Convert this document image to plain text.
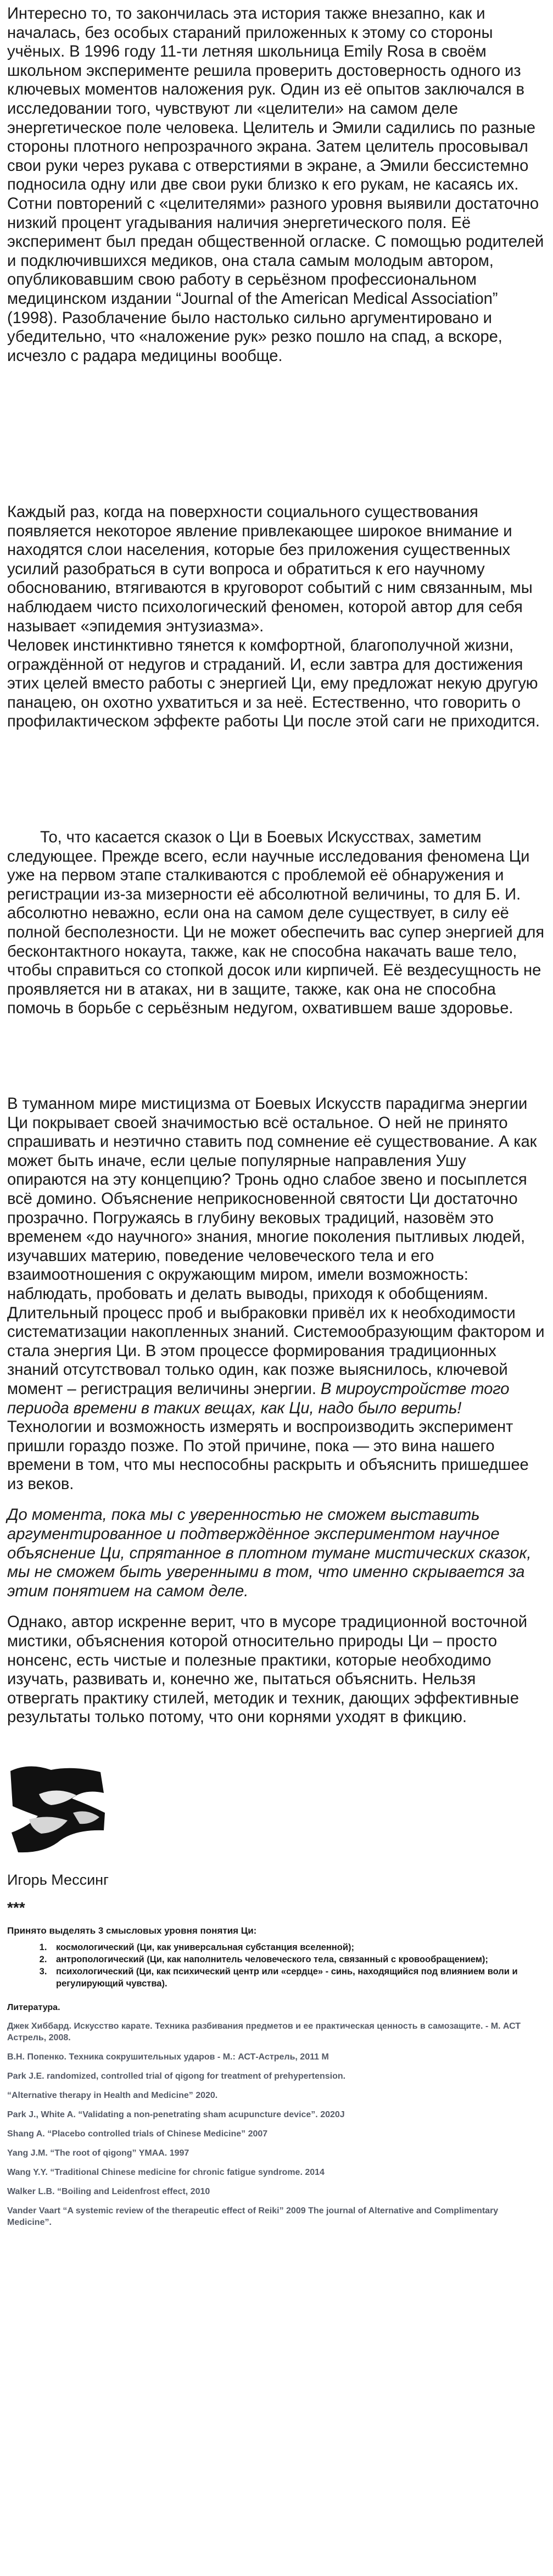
Интересно то, то закончилась эта история также внезапно, как и началась, без особых стараний приложенных к этому со стороны учёных. В 1996 году 11-ти летняя школьница Emily Rosa в своём школьном эксперименте решила проверить достоверность одного из ключевых моментов наложения рук. Один из её опытов заключался в исследовании того, чувствуют ли «целители» на самом деле энергетическое поле человека. Целитель и Эмили садились по разные стороны плотного непрозрачного экрана. Затем целитель просовывал свои руки через рукава с отверстиями в экране, а Эмили бессистемно подносила одну или две свои руки близко к его рукам, не касаясь их. Сотни повторений с «целителями» разного уровня выявили достаточно низкий процент угадывания наличия энергетического поля. Её эксперимент был предан общественной огласке. С помощью родителей и подключившихся медиков, она стала самым молодым автором, опубликовавшим свою работу в серьёзном профессиональном медицинском издании “Journal of the American Medical Association” (1998). Разоблачение было настолько сильно аргументировано и убедительно, что «наложение рук» резко пошло на спад, а вскоре, исчезло с радара медицины вообще.

Каждый раз, когда на поверхности социального существования появляется некоторое явление привлекающее широкое внимание и находятся слои населения, которые без приложения существенных усилий разобраться в сути вопроса и обратиться к его научному обоснованию, втягиваются в круговорот событий с ним связанным, мы наблюдаем чисто психологический феномен, которой автор для себя называет «эпидемия энтузиазма».

Человек инстинктивно тянется к комфортной, благополучной жизни, ограждённой от недугов и страданий. И, если завтра для достижения этих целей вместо работы с энергией Ци, ему предложат некую другую панацею, он охотно ухватиться и за неё. Естественно, что говорить о профилактическом эффекте работы Ци после этой саги не приходится.

То, что касается сказок о Ци в Боевых Искусствах, заметим следующее. Прежде всего, если научные исследования феномена Ци уже на первом этапе сталкиваются с проблемой её обнаружения и регистрации из-за мизерности её абсолютной величины, то для Б. И. абсолютно неважно, если она на самом деле существует, в силу её полной бесполезности. Ци не может обеспечить вас супер энергией для бесконтактного нокаута, также, как не способна накачать ваше тело, чтобы справиться со стопкой досок или кирпичей. Её вездесущность не проявляется ни в атаках, ни в защите, также, как она не способна помочь в борьбе с серьёзным недугом, охватившем ваше здоровье.

В туманном мире мистицизма от Боевых Искусств парадигма энергии Ци покрывает своей значимостью всё остальное. О ней не принято спрашивать и неэтично ставить под сомнение её существование. А как может быть иначе, если целые популярные направления Ушу опираются на эту концепцию? Тронь одно слабое звено и посыплется всё домино. Объяснение неприкосновенной святости Ци достаточно прозрачно. Погружаясь в глубину вековых традиций, назовём это временем «до научного» знания, многие поколения пытливых людей, изучавших материю, поведение человеческого тела и его взаимоотношения с окружающим миром, имели возможность: наблюдать, пробовать и делать выводы, приходя к обобщениям. Длительный процесс проб и выбраковки привёл их к необходимости систематизации накопленных знаний. Системообразующим фактором и стала энергия Ци. В этом процессе формирования традиционных знаний отсутствовал только один, как позже выяснилось, ключевой момент – регистрация величины энергии. В мироустройстве того периода времени в таких вещах, как Ци, надо было верить! Технологии и возможность измерять и воспроизводить эксперимент пришли гораздо позже. По этой причине, пока — это вина нашего времени в том, что мы неспособны раскрыть и объяснить пришедшее из веков.

До момента, пока мы с уверенностью не сможем выставить аргументированное и подтверждённое экспериментом научное объяснение Ци, спрятанное в плотном тумане мистических сказок, мы не сможем быть уверенными в том, что именно скрывается за этим понятием на самом деле.

Однако, автор искренне верит, что в мусоре традиционной восточной мистики, объяснения которой относительно природы Ци – просто нонсенс, есть чистые и полезные практики, которые необходимо изучать, развивать и, конечно же, пытаться объяснить. Нельзя отвергать практику стилей, методик и техник, дающих эффективные результаты только потому, что они корнями уходят в фикцию.

Игорь Мессинг
***
Принято выделять 3 смысловых уровня понятия Ци:
1. космологический (Ци, как универсальная субстанция вселенной);
2. антропологический (Ци, как наполнитель человеческого тела, связанный с кровообращением);
3. психологический (Ци, как психический центр или «сердце» - синь, находящийся под влиянием воли и регулирующий чувства).
Литература.
Джек Хиббард. Искусство карате. Техника разбивания предметов и ее практическая ценность в самозащите. - М. АСТ Астрель, 2008.
В.Н. Попенко. Техника сокрушительных ударов - М.: АСТ-Астрель, 2011 М
Park J.E. randomized, controlled trial of qigong for treatment of prehypertension.
“Alternative therapy in Health and Medicine” 2020.
Park J., White A. “Validating a non-penetrating sham acupuncture device”. 2020J
Shang A. “Placebo controlled trials of Chinese Medicine” 2007
Yang J.M. “The root of qigong” YMAA. 1997
Wang Y.Y. “Traditional Chinese medicine for chronic fatigue syndrome. 2014
Walker L.B. “Boiling and Leidenfrost effect, 2010
Vander Vaart “A systemic review of the therapeutic effect of Reiki” 2009 The journal of Alternative and Complimentary Medicine”.
